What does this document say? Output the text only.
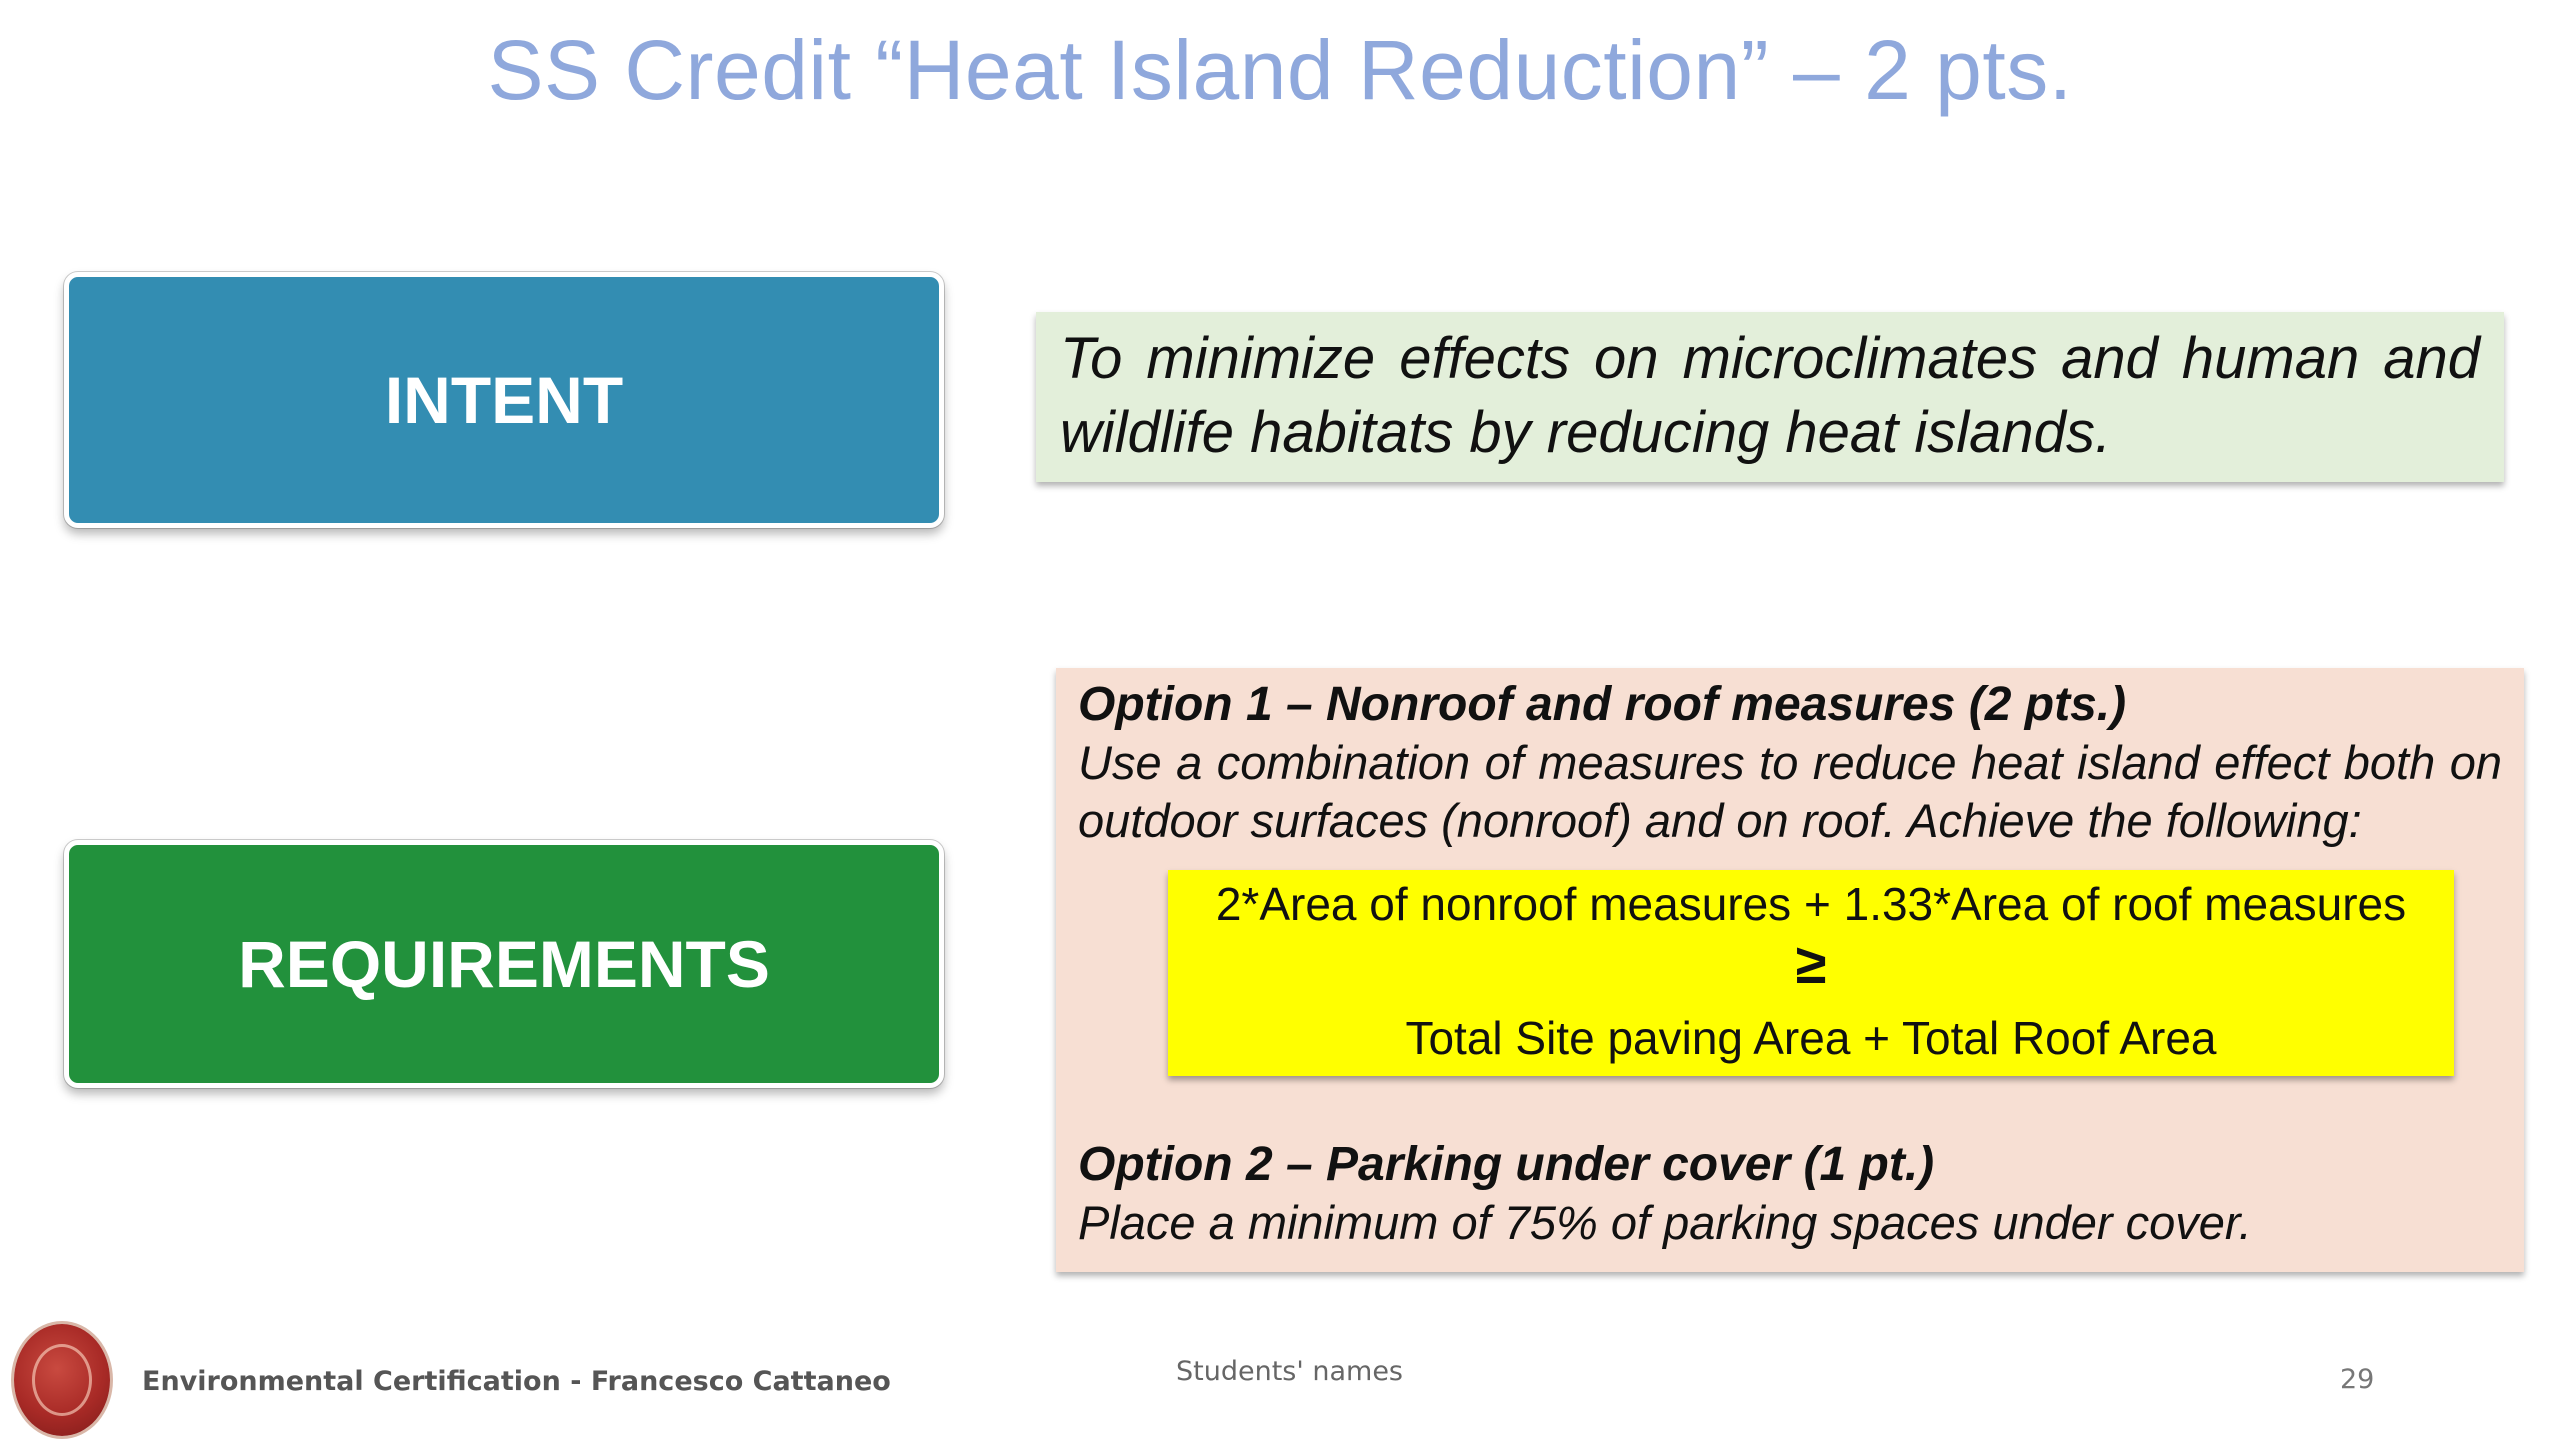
SS Credit “Heat Island Reduction” – 2 pts.
INTENT
To minimize effects on microclimates and human and wildlife habitats by reducing heat islands.
REQUIREMENTS
Option 1 – Nonroof and roof measures (2 pts.)
Use a combination of measures to reduce heat island effect both on outdoor surfaces (nonroof) and on roof. Achieve the following:
2*Area of nonroof measures + 1.33*Area of roof measures
≥
Total Site paving Area + Total Roof Area
Option 2 – Parking under cover (1 pt.)
Place a minimum of 75% of parking spaces under cover.
Environmental Certification - Francesco Cattaneo	Students' names	29
